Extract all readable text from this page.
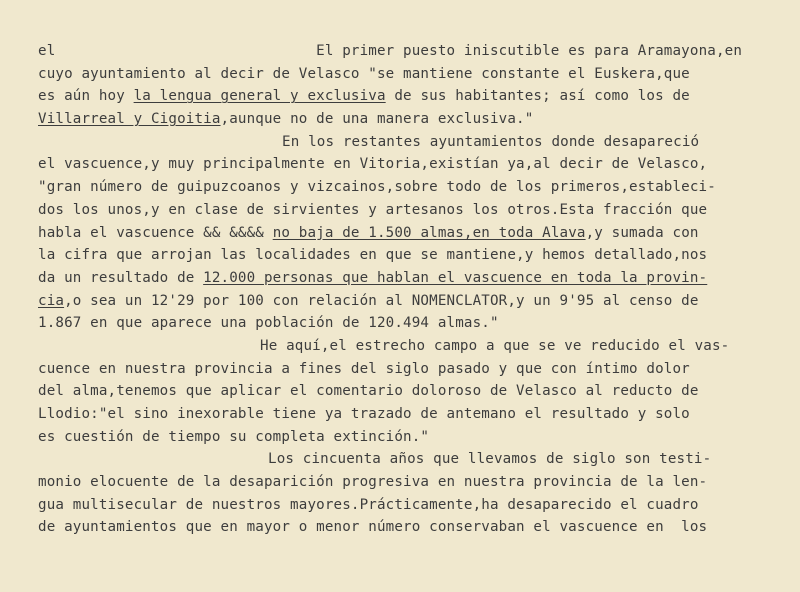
el                              El primer puesto iniscutible es para Aramayona,en
cuyo ayuntamiento al decir de Velasco "se mantiene constante el Euskera,que
es aún hoy la lengua general y exclusiva de sus habitantes; así como los de
Villarreal y Cigoitia,aunque no de una manera exclusiva."
En los restantes ayuntamientos donde desapareció
el vascuence,y muy principalmente en Vitoria,existían ya,al decir de Velasco,
"gran número de guipuzcoanos y vizcainos,sobre todo de los primeros,estableci-
dos los unos,y en clase de sirvientes y artesanos los otros.Esta fracción que
habla el vascuence && &&&& no baja de 1.500 almas,en toda Alava,y sumada con
la cifra que arrojan las localidades en que se mantiene,y hemos detallado,nos
da un resultado de 12.000 personas que hablan el vascuence en toda la provin-
cia,o sea un 12'29 por 100 con relación al NOMENCLATOR,y un 9'95 al censo de
1.867 en que aparece una población de 120.494 almas."
He aquí,el estrecho campo a que se ve reducido el vas-
cuence en nuestra provincia a fines del siglo pasado y que con íntimo dolor
del alma,tenemos que aplicar el comentario doloroso de Velasco al reducto de
Llodio:"el sino inexorable tiene ya trazado de antemano el resultado y solo
es cuestión de tiempo su completa extinción."
Los cincuenta años que llevamos de siglo son testi-
monio elocuente de la desaparición progresiva en nuestra provincia de la len-
gua multisecular de nuestros mayores.Prácticamente,ha desaparecido el cuadro
de ayuntamientos que en mayor o menor número conservaban el vascuence en  los
